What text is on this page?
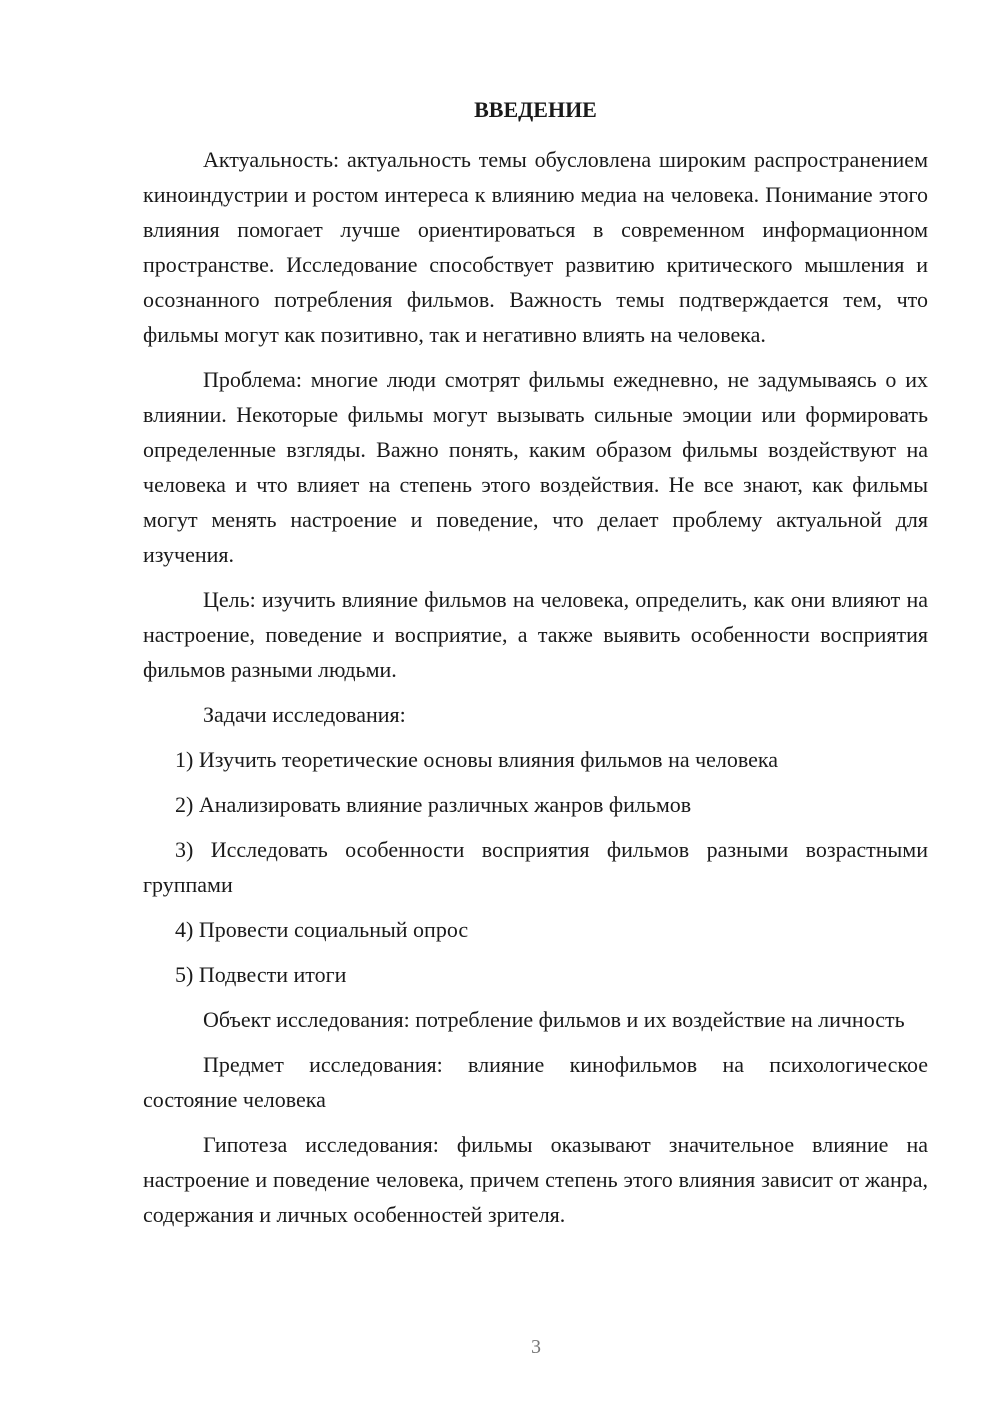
ВВЕДЕНИЕ

Актуальность: актуальность темы обусловлена широким распространением киноиндустрии и ростом интереса к влиянию медиа на человека. Понимание этого влияния помогает лучше ориентироваться в современном информационном пространстве. Исследование способствует развитию критического мышления и осознанного потребления фильмов. Важность темы подтверждается тем, что фильмы могут как позитивно, так и негативно влиять на человека.

Проблема: многие люди смотрят фильмы ежедневно, не задумываясь о их влиянии. Некоторые фильмы могут вызывать сильные эмоции или формировать определенные взгляды. Важно понять, каким образом фильмы воздействуют на человека и что влияет на степень этого воздействия. Не все знают, как фильмы могут менять настроение и поведение, что делает проблему актуальной для изучения.

Цель: изучить влияние фильмов на человека, определить, как они влияют на настроение, поведение и восприятие, а также выявить особенности восприятия фильмов разными людьми.

Задачи исследования:

1) Изучить теоретические основы влияния фильмов на человека

2) Анализировать влияние различных жанров фильмов

3) Исследовать особенности восприятия фильмов разными возрастными группами

4) Провести социальный опрос

5) Подвести итоги

Объект исследования: потребление фильмов и их воздействие на личность

Предмет исследования: влияние кинофильмов на психологическое состояние человека

Гипотеза исследования: фильмы оказывают значительное влияние на настроение и поведение человека, причем степень этого влияния зависит от жанра, содержания и личных особенностей зрителя.

3
